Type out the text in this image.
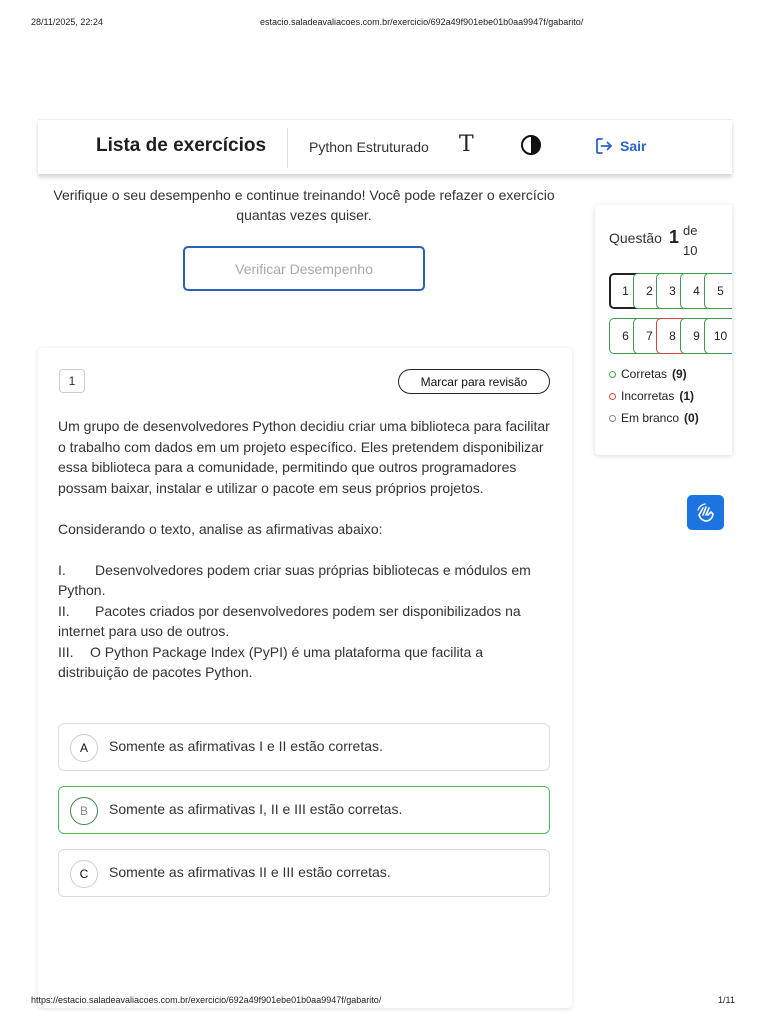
28/11/2025, 22:24	estacio.saladeavaliacoes.com.br/exercicio/692a49f901ebe01b0aa9947f/gabarito/
Lista de exercícios	Python Estruturado T	Sair
Verifique o seu desempenho e continue treinando! Você pode refazer o exercício quantas vezes quiser.
Verificar Desempenho
1	Marcar para revisão

Um grupo de desenvolvedores Python decidiu criar uma biblioteca para facilitar o trabalho com dados em um projeto específico. Eles pretendem disponibilizar essa biblioteca para a comunidade, permitindo que outros programadores possam baixar, instalar e utilizar o pacote em seus próprios projetos.

Considerando o texto, analise as afirmativas abaixo:

I. Desenvolvedores podem criar suas próprias bibliotecas e módulos em Python.

II. Pacotes criados por desenvolvedores podem ser disponibilizados na internet para uso de outros.

III. O Python Package Index (PyPI) é uma plataforma que facilita a distribuição de pacotes Python.

A	Somente as afirmativas I e II estão corretas.
B	Somente as afirmativas I, II e III estão corretas.
C	Somente as afirmativas II e III estão corretas.
Questão 1 de
10
1	2	3	4	5
6	7	8	9	10
Corretas (9)
Incorretas (1)
Em branco (0)
https://estacio.saladeavaliacoes.com.br/exercicio/692a49f901ebe01b0aa9947f/gabarito/	1/11
